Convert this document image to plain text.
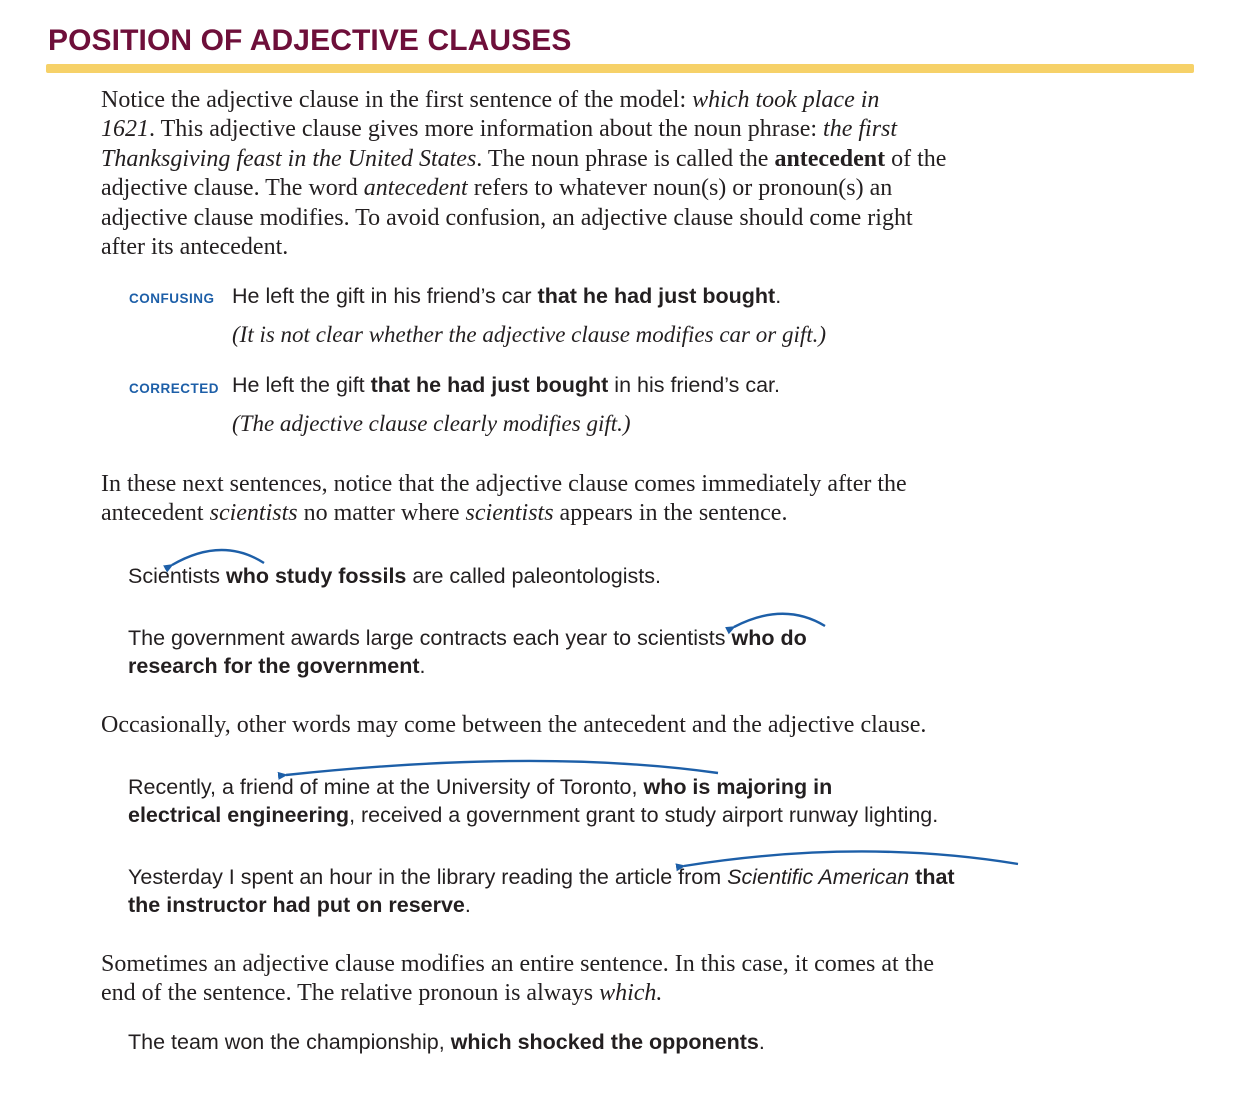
POSITION OF ADJECTIVE CLAUSES
Notice the adjective clause in the first sentence of the model: which took place in
1621. This adjective clause gives more information about the noun phrase: the first
Thanksgiving feast in the United States. The noun phrase is called the antecedent of the
adjective clause. The word antecedent refers to whatever noun(s) or pronoun(s) an
adjective clause modifies. To avoid confusion, an adjective clause should come right
after its antecedent.
CONFUSING He left the gift in his friend’s car that he had just bought.
(It is not clear whether the adjective clause modifies car or gift.)
CORRECTED He left the gift that he had just bought in his friend’s car.
(The adjective clause clearly modifies gift.)
In these next sentences, notice that the adjective clause comes immediately after the
antecedent scientists no matter where scientists appears in the sentence.
Scientists who study fossils are called paleontologists.
The government awards large contracts each year to scientists who do
research for the government.
Occasionally, other words may come between the antecedent and the adjective clause.
Recently, a friend of mine at the University of Toronto, who is majoring in
electrical engineering, received a government grant to study airport runway lighting.
Yesterday I spent an hour in the library reading the article from Scientific American that
the instructor had put on reserve.
Sometimes an adjective clause modifies an entire sentence. In this case, it comes at the
end of the sentence. The relative pronoun is always which.
The team won the championship, which shocked the opponents.
